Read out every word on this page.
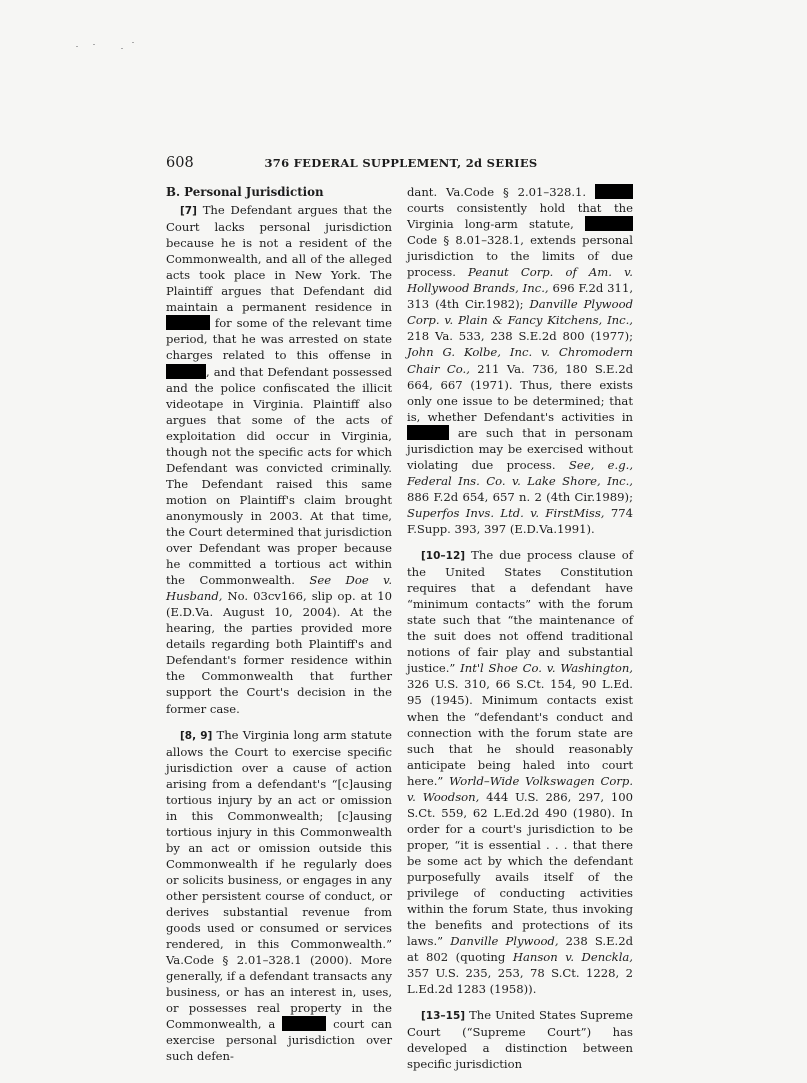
608	376 FEDERAL SUPPLEMENT, 2d SERIES
B. Personal Jurisdiction

[7] The Defendant argues that the Court lacks personal jurisdiction because he is not a resident of the Commonwealth, and all of the alleged acts took place in New York. The Plaintiff argues that Defendant did maintain a permanent residence in  for some of the relevant time period, that he was arrested on state charges related to this offense in , and that Defendant possessed and the police confiscated the illicit videotape in Virginia. Plaintiff also argues that some of the acts of exploitation did occur in Virginia, though not the specific acts for which Defendant was convicted criminally. The Defendant raised this same motion on Plaintiff's claim brought anonymously in 2003. At that time, the Court determined that jurisdiction over Defendant was proper because he committed a tortious act within the Commonwealth. See Doe v. Husband, No. 03cv166, slip op. at 10 (E.D.Va. August 10, 2004). At the hearing, the parties provided more details regarding both Plaintiff's and Defendant's former residence within the Commonwealth that further support the Court's decision in the former case.

[8, 9] The Virginia long arm statute allows the Court to exercise specific jurisdiction over a cause of action arising from a defendant's “[c]ausing tortious injury by an act or omission in this Commonwealth; [c]ausing tortious injury in this Commonwealth by an act or omission outside this Commonwealth if he regularly does or solicits business, or engages in any other persistent course of conduct, or derives substantial revenue from goods used or consumed or services rendered, in this Commonwealth.” Va.Code § 2.01–328.1 (2000). More generally, if a defendant transacts any business, or has an interest in, uses, or possesses real property in the Commonwealth, a	court can exercise personal jurisdiction over such defen-

dant. Va.Code § 2.01–328.1.  courts consistently hold that the Virginia long-arm statute,  Code § 8.01–328.1, extends personal jurisdiction to the limits of due process. Peanut Corp. of Am. v. Hollywood Brands, Inc., 696 F.2d 311, 313 (4th Cir.1982); Danville Plywood Corp. v. Plain & Fancy Kitchens, Inc., 218 Va. 533, 238 S.E.2d 800 (1977); John G. Kolbe, Inc. v. Chromodern Chair Co., 211 Va. 736, 180 S.E.2d 664, 667 (1971). Thus, there exists only one issue to be determined; that is, whether Defendant's activities in  are such that in personam jurisdiction may be exercised without violating due process. See, e.g., Federal Ins. Co. v. Lake Shore, Inc., 886 F.2d 654, 657 n. 2 (4th Cir.1989); Superfos Invs. Ltd. v. FirstMiss, 774 F.Supp. 393, 397 (E.D.Va.1991).

[10–12] The due process clause of the United States Constitution requires that a defendant have “minimum contacts” with the forum state such that “the maintenance of the suit does not offend traditional notions of fair play and substantial justice.” Int'l Shoe Co. v. Washington, 326 U.S. 310, 66 S.Ct. 154, 90 L.Ed. 95 (1945). Minimum contacts exist when the “defendant's conduct and connection with the forum state are such that he should reasonably anticipate being haled into court here.” World–Wide Volkswagen Corp. v. Woodson, 444 U.S. 286, 297, 100 S.Ct. 559, 62 L.Ed.2d 490 (1980). In order for a court's jurisdiction to be proper, “it is essential . . . that there be some act by which the defendant purposefully avails itself of the privilege of conducting activities within the forum State, thus invoking the benefits and protections of its laws.” Danville Plywood, 238 S.E.2d at 802 (quoting Hanson v. Denckla, 357 U.S. 235, 253, 78 S.Ct. 1228, 2 L.Ed.2d 1283 (1958)).

[13–15] The United States Supreme Court (“Supreme Court”) has developed a distinction between specific jurisdiction
